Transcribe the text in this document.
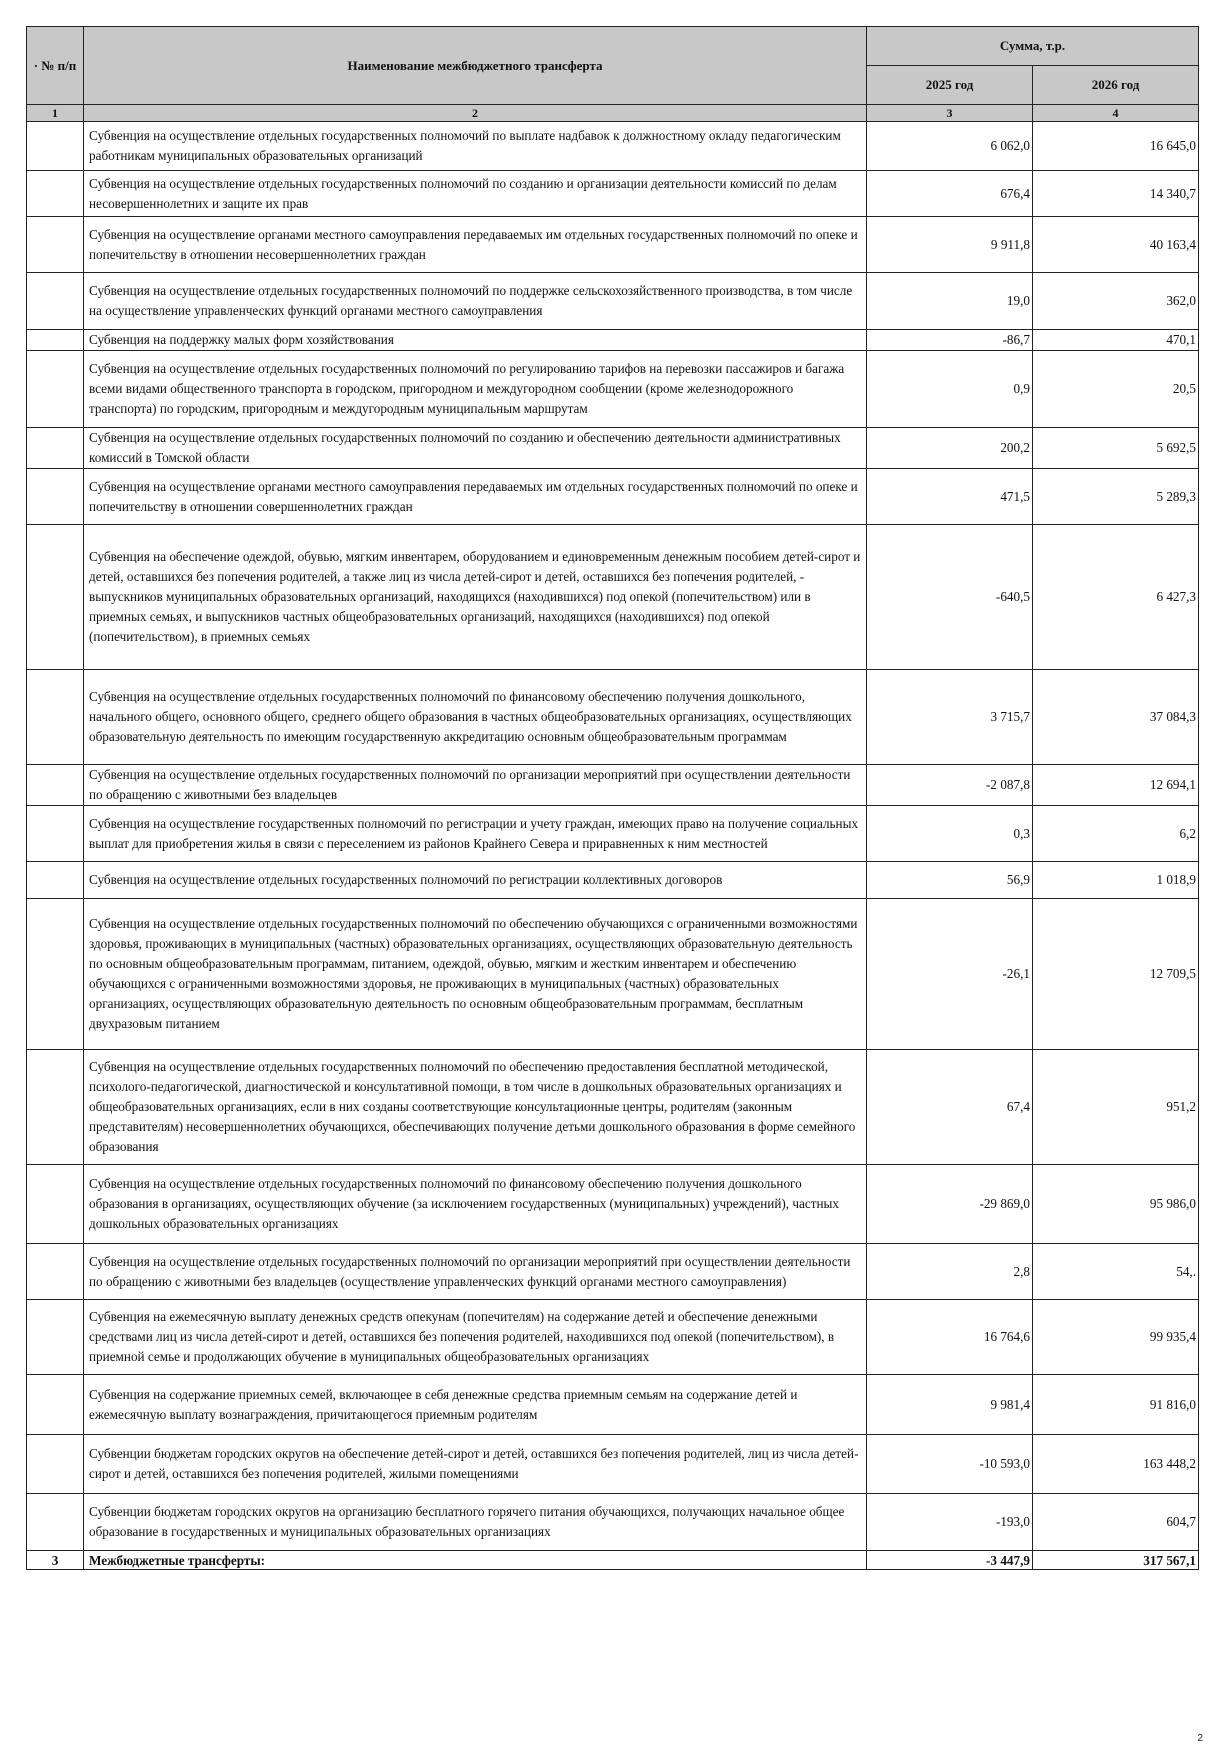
· № п/п	Наименование межбюджетного трансферта	Сумма, т.р.	
		2025 год	2026 год
1	2	3	4
	Субвенция на осуществление отдельных государственных полномочий по выплате надбавок к должностному окладу педагогическим работникам муниципальных образовательных организаций	6 062,0	16 645,0
	Субвенция на осуществление отдельных государственных полномочий по созданию и организации деятельности комиссий по делам несовершеннолетних и защите их прав	676,4	14 340,7
	Субвенция на осуществление органами местного самоуправления передаваемых им отдельных государственных полномочий по опеке и попечительству в отношении несовершеннолетних граждан	9 911,8	40 163,4
	Субвенция на осуществление отдельных государственных полномочий по поддержке сельскохозяйственного производства, в том числе на осуществление управленческих функций органами местного самоуправления	19,0	362,0
	Субвенция на поддержку малых форм хозяйствования	-86,7	470,1
	Субвенция на осуществление отдельных государственных полномочий по регулированию тарифов на перевозки пассажиров и багажа всеми видами общественного транспорта в городском, пригородном и междугородном сообщении (кроме железнодорожного транспорта) по городским, пригородным и междугородным муниципальным маршрутам	0,9	20,5
	Субвенция на осуществление отдельных государственных полномочий по созданию и обеспечению деятельности административных комиссий в Томской области	200,2	5 692,5
	Субвенция на осуществление органами местного самоуправления передаваемых им отдельных государственных полномочий по опеке и попечительству в отношении совершеннолетних граждан	471,5	5 289,3
	Субвенция на обеспечение одеждой, обувью, мягким инвентарем, оборудованием и единовременным денежным пособием детей-сирот и детей, оставшихся без попечения родителей, а также лиц из числа детей-сирот и детей, оставшихся без попечения родителей, - выпускников муниципальных образовательных организаций, находящихся (находившихся) под опекой (попечительством) или в приемных семьях, и выпускников частных общеобразовательных организаций, находящихся (находившихся) под опекой (попечительством), в приемных семьях	-640,5	6 427,3
	Субвенция на осуществление отдельных государственных полномочий по финансовому обеспечению получения дошкольного, начального общего, основного общего, среднего общего образования в частных общеобразовательных организациях, осуществляющих образовательную деятельность по имеющим государственную аккредитацию основным общеобразовательным программам	3 715,7	37 084,3
	Субвенция на осуществление отдельных государственных полномочий по организации мероприятий при осуществлении деятельности по обращению с животными без владельцев	-2 087,8	12 694,1
	Субвенция на осуществление государственных полномочий по регистрации и учету граждан, имеющих право на получение социальных выплат для приобретения жилья в связи с переселением из районов Крайнего Севера и приравненных к ним местностей	0,3	6,2
	Субвенция на осуществление отдельных государственных полномочий по регистрации коллективных договоров	56,9	1 018,9
	Субвенция на осуществление отдельных государственных полномочий по обеспечению обучающихся с ограниченными возможностями здоровья, проживающих в муниципальных (частных) образовательных организациях, осуществляющих образовательную деятельность по основным общеобразовательным программам, питанием, одеждой, обувью, мягким и жестким инвентарем и обеспечению обучающихся с ограниченными возможностями здоровья, не проживающих в муниципальных (частных) образовательных организациях, осуществляющих образовательную деятельность по основным общеобразовательным программам, бесплатным двухразовым питанием	-26,1	12 709,5
	Субвенция на осуществление отдельных государственных полномочий по обеспечению предоставления бесплатной методической, психолого-педагогической, диагностической и консультативной помощи, в том числе в дошкольных образовательных организациях и общеобразовательных организациях, если в них созданы соответствующие консультационные центры, родителям (законным представителям) несовершеннолетних обучающихся, обеспечивающих получение детьми дошкольного образования в форме семейного образования	67,4	951,2
	Субвенция на осуществление отдельных государственных полномочий по финансовому обеспечению получения дошкольного образования в организациях, осуществляющих обучение (за исключением государственных (муниципальных) учреждений), частных дошкольных образовательных организациях	-29 869,0	95 986,0
	Субвенция на осуществление отдельных государственных полномочий по организации мероприятий при осуществлении деятельности по обращению с животными без владельцев (осуществление управленческих функций органами местного самоуправления)	2,8	54,.
	Субвенция на ежемесячную выплату денежных средств опекунам (попечителям) на содержание детей и обеспечение денежными средствами лиц из числа детей-сирот и детей, оставшихся без попечения родителей, находившихся под опекой (попечительством), в приемной семье и продолжающих обучение в муниципальных общеобразовательных организациях	16 764,6	99 935,4
	Субвенция на содержание приемных семей, включающее в себя денежные средства приемным семьям на содержание детей и ежемесячную выплату вознаграждения, причитающегося приемным родителям	9 981,4	91 816,0
	Субвенции бюджетам городских округов на обеспечение детей-сирот и детей, оставшихся без попечения родителей, лиц из числа детей-сирот и детей, оставшихся без попечения родителей, жилыми помещениями	-10 593,0	163 448,2
	Субвенции бюджетам городских округов на организацию бесплатного горячего питания обучающихся, получающих начальное общее образование в государственных и муниципальных образовательных организациях	-193,0	604,7
3	Межбюджетные трансферты:	-3 447,9	317 567,1
2
